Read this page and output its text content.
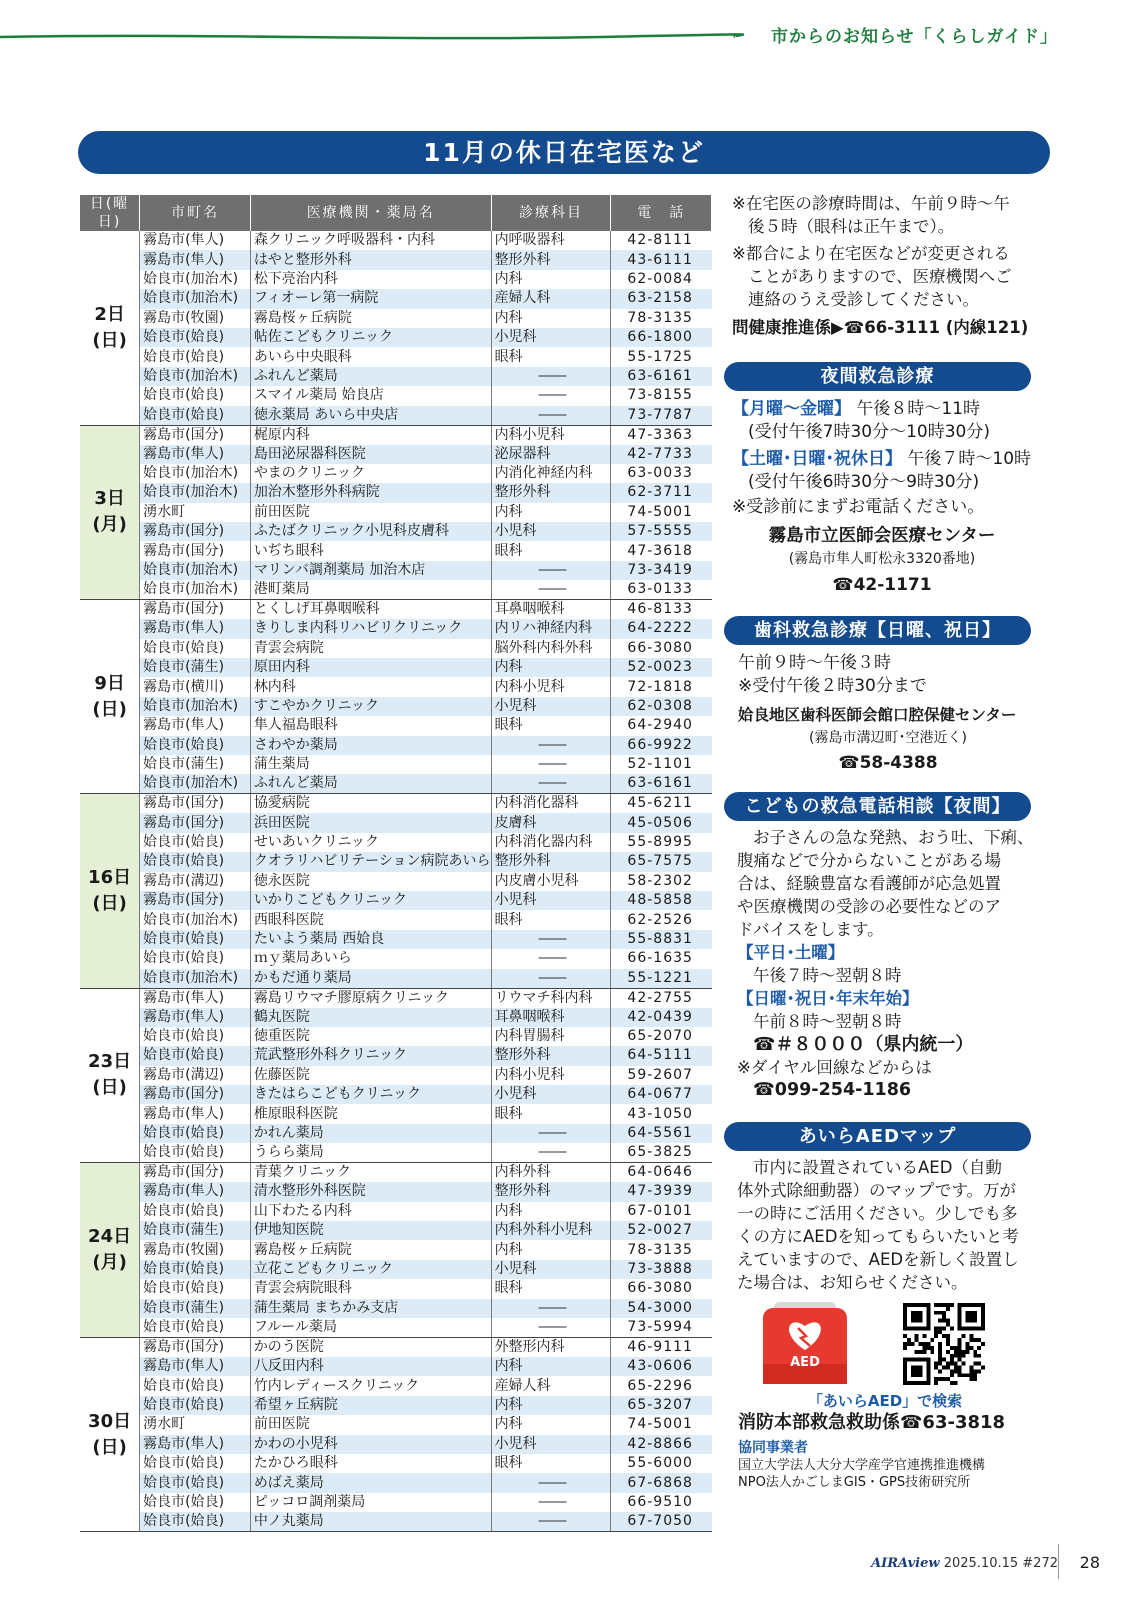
市からのお知らせ「くらしガイド」
11月の休日在宅医など
日(曜日)	市町名	医療機関・薬局名	診療科目	電　話

2日
(日)	霧島市(隼人)	森クリニック呼吸器科・内科	内呼吸器科	42-8111
	霧島市(隼人)	はやと整形外科	整形外科	43-6111
	姶良市(加治木)	松下亮治内科	内科	62-0084
	姶良市(加治木)	フィオーレ第一病院	産婦人科	63-2158
	霧島市(牧園)	霧島桜ヶ丘病院	内科	78-3135
	姶良市(姶良)	帖佐こどもクリニック	小児科	66-1800
	姶良市(姶良)	あいら中央眼科	眼科	55-1725
	姶良市(加治木)	ふれんど薬局	――	63-6161
	姶良市(姶良)	スマイル薬局 姶良店	――	73-8155
	姶良市(姶良)	徳永薬局 あいら中央店	――	73-7787

3日
(月)	霧島市(国分)	梶原内科	内科小児科	47-3363
	霧島市(隼人)	島田泌尿器科医院	泌尿器科	42-7733
	姶良市(加治木)	やまのクリニック	内消化神経内科	63-0033
	姶良市(加治木)	加治木整形外科病院	整形外科	62-3711
	湧水町	前田医院	内科	74-5001
	霧島市(国分)	ふたばクリニック小児科皮膚科	小児科	57-5555
	霧島市(国分)	いぢち眼科	眼科	47-3618
	姶良市(加治木)	マリンバ調剤薬局 加治木店	――	73-3419
	姶良市(加治木)	港町薬局	――	63-0133

9日
(日)	霧島市(国分)	とくしげ耳鼻咽喉科	耳鼻咽喉科	46-8133
	霧島市(隼人)	きりしま内科リハビリクリニック	内リハ神経内科	64-2222
	姶良市(姶良)	青雲会病院	脳外科内科外科	66-3080
	姶良市(蒲生)	原田内科	内科	52-0023
	霧島市(横川)	林内科	内科小児科	72-1818
	姶良市(加治木)	すこやかクリニック	小児科	62-0308
	霧島市(隼人)	隼人福島眼科	眼科	64-2940
	姶良市(姶良)	さわやか薬局	――	66-9922
	姶良市(蒲生)	蒲生薬局	――	52-1101
	姶良市(加治木)	ふれんど薬局	――	63-6161

16日
(日)	霧島市(国分)	協愛病院	内科消化器科	45-6211
	霧島市(国分)	浜田医院	皮膚科	45-0506
	姶良市(姶良)	せいあいクリニック	内科消化器内科	55-8995
	姶良市(姶良)	クオラリハビリテーション病院あいら	整形外科	65-7575
	霧島市(溝辺)	徳永医院	内皮膚小児科	58-2302
	霧島市(国分)	いかりこどもクリニック	小児科	48-5858
	姶良市(加治木)	西眼科医院	眼科	62-2526
	姶良市(姶良)	たいよう薬局 西姶良	――	55-8831
	姶良市(姶良)	ｍｙ薬局あいら	――	66-1635
	姶良市(加治木)	かもだ通り薬局	――	55-1221

23日
(日)	霧島市(隼人)	霧島リウマチ膠原病クリニック	リウマチ科内科	42-2755
	霧島市(隼人)	鶴丸医院	耳鼻咽喉科	42-0439
	姶良市(姶良)	徳重医院	内科胃腸科	65-2070
	姶良市(姶良)	荒武整形外科クリニック	整形外科	64-5111
	霧島市(溝辺)	佐藤医院	内科小児科	59-2607
	霧島市(国分)	きたはらこどもクリニック	小児科	64-0677
	霧島市(隼人)	椎原眼科医院	眼科	43-1050
	姶良市(姶良)	かれん薬局	――	64-5561
	姶良市(姶良)	うらら薬局	――	65-3825

24日
(月)	霧島市(国分)	青葉クリニック	内科外科	64-0646
	霧島市(隼人)	清水整形外科医院	整形外科	47-3939
	姶良市(姶良)	山下わたる内科	内科	67-0101
	姶良市(蒲生)	伊地知医院	内科外科小児科	52-0027
	霧島市(牧園)	霧島桜ヶ丘病院	内科	78-3135
	姶良市(姶良)	立花こどもクリニック	小児科	73-3888
	姶良市(姶良)	青雲会病院眼科	眼科	66-3080
	姶良市(蒲生)	蒲生薬局 まちかみ支店	――	54-3000
	姶良市(姶良)	フルール薬局	――	73-5994

30日
(日)	霧島市(国分)	かのう医院	外整形内科	46-9111
	霧島市(隼人)	八反田内科	内科	43-0606
	姶良市(姶良)	竹内レディースクリニック	産婦人科	65-2296
	姶良市(姶良)	希望ヶ丘病院	内科	65-3207
	湧水町	前田医院	内科	74-5001
	霧島市(隼人)	かわの小児科	小児科	42-8866
	姶良市(姶良)	たかひろ眼科	眼科	55-6000
	姶良市(姶良)	めばえ薬局	――	67-6868
	姶良市(姶良)	ピッコロ調剤薬局	――	66-9510
	姶良市(姶良)	中ノ丸薬局	――	67-7050
※在宅医の診療時間は、午前９時〜午
後５時（眼科は正午まで）。
※都合により在宅医などが変更される
ことがありますので、医療機関へご
連絡のうえ受診してください。
問健康推進係▶☎66-3111 (内線121)
夜間救急診療
【月曜〜金曜】 午後８時〜11時
(受付午後7時30分〜10時30分)
【土曜･日曜･祝休日】 午後７時〜10時
(受付午後6時30分〜9時30分)
※受診前にまずお電話ください。
霧島市立医師会医療センター
(霧島市隼人町松永3320番地)
☎42-1171
歯科救急診療【日曜、祝日】
午前９時〜午後３時
※受付午後２時30分まで
姶良地区歯科医師会館口腔保健センター
(霧島市溝辺町･空港近く)
☎58-4388
こどもの救急電話相談【夜間】
お子さんの急な発熱、おう吐、下痢、
腹痛などで分からないことがある場
合は、経験豊富な看護師が応急処置
や医療機関の受診の必要性などのア
ドバイスをします。
【平日･土曜】
午後７時〜翌朝８時
【日曜･祝日･年末年始】
午前８時〜翌朝８時
☎＃８０００（県内統一）
※ダイヤル回線などからは
☎099-254-1186
あいらAEDマップ
市内に設置されているAED（自動
体外式除細動器）のマップです。万が
一の時にご活用ください。少しでも多
くの方にAEDを知ってもらいたいと考
えていますので、AEDを新しく設置し
た場合は、お知らせください。
AED
「あいらAED」で検索
消防本部救急救助係☎63-3818
協同事業者
国立大学法人大分大学産学官連携推進機構
NPO法人かごしまGIS・GPS技術研究所
AIRAview 2025.10.15 #272 28
